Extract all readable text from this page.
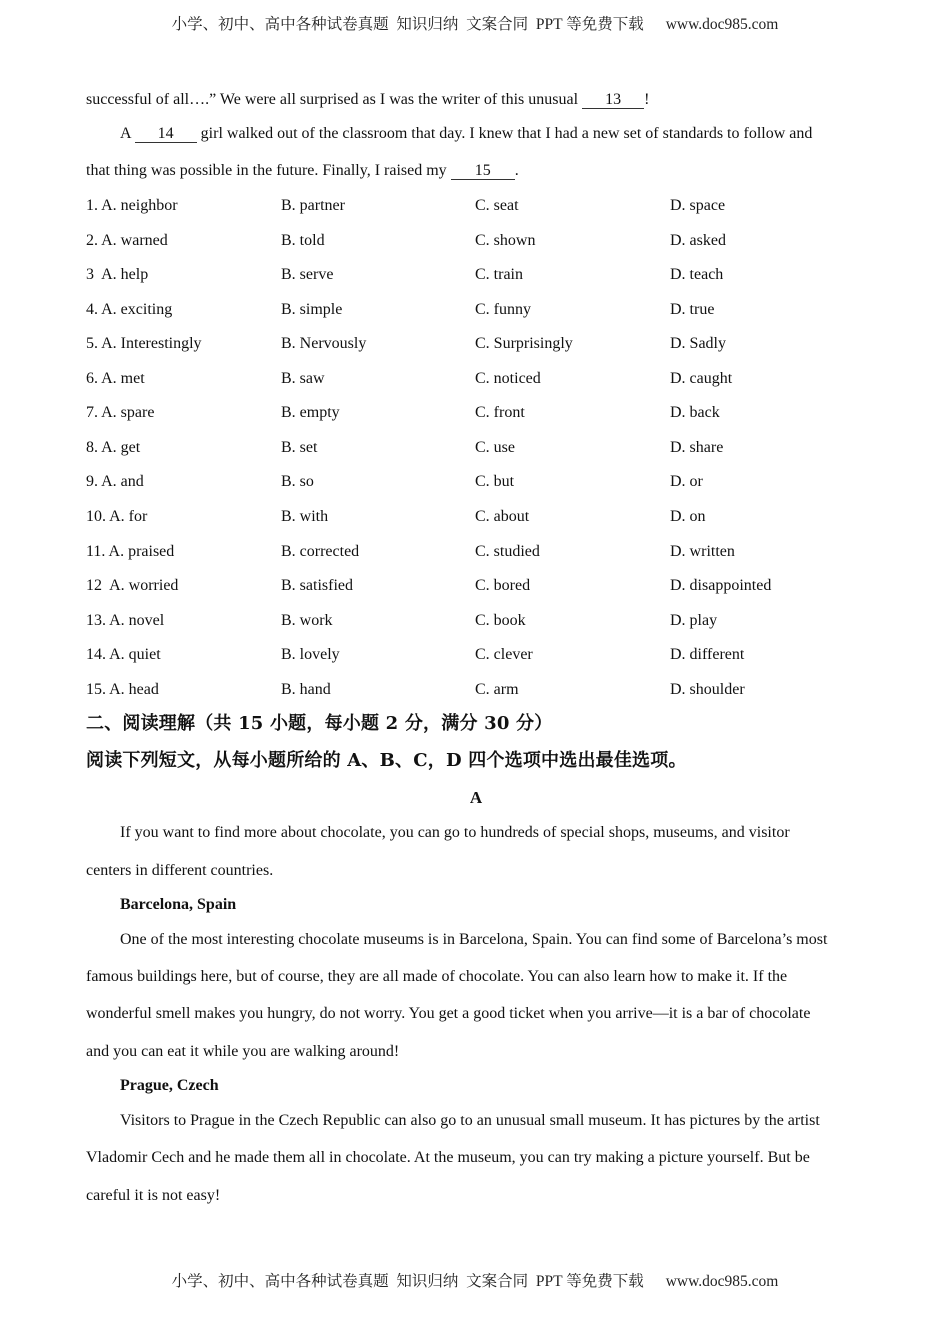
小学、初中、高中各种试卷真题  知识归纳  文案合同  PPT 等免费下载 www.doc985.com
successful of all….” We were all surprised as I was the writer of this unusual 13 !
A 14 girl walked out of the classroom that day. I knew that I had a new set of standards to follow and
that thing was possible in the future. Finally, I raised my 15 .
1. A. neighbor	B. partner	C. seat	D. space
2. A. warned	B. told	C. shown	D. asked
3  A. help	B. serve	C. train	D. teach
4. A. exciting	B. simple	C. funny	D. true
5. A. Interestingly	B. Nervously	C. Surprisingly	D. Sadly
6. A. met	B. saw	C. noticed	D. caught
7. A. spare	B. empty	C. front	D. back
8. A. get	B. set	C. use	D. share
9. A. and	B. so	C. but	D. or
10. A. for	B. with	C. about	D. on
11. A. praised	B. corrected	C. studied	D. written
12  A. worried	B. satisfied	C. bored	D. disappointed
13. A. novel	B. work	C. book	D. play
14. A. quiet	B. lovely	C. clever	D. different
15. A. head	B. hand	C. arm	D. shoulder
二、阅读理解（共 15 小题，每小题 2 分，满分 30 分）
阅读下列短文，从每小题所给的 A、B、C，D 四个选项中选出最佳选项。
A
If you want to find more about chocolate, you can go to hundreds of special shops, museums, and visitor
centers in different countries.
Barcelona, Spain
One of the most interesting chocolate museums is in Barcelona, Spain. You can find some of Barcelona’s most
famous buildings here, but of course, they are all made of chocolate. You can also learn how to make it. If the
wonderful smell makes you hungry, do not worry. You get a good ticket when you arrive—it is a bar of chocolate
and you can eat it while you are walking around!
Prague, Czech
Visitors to Prague in the Czech Republic can also go to an unusual small museum. It has pictures by the artist
Vladomir Cech and he made them all in chocolate. At the museum, you can try making a picture yourself. But be
careful it is not easy!
小学、初中、高中各种试卷真题  知识归纳  文案合同  PPT 等免费下载 www.doc985.com
